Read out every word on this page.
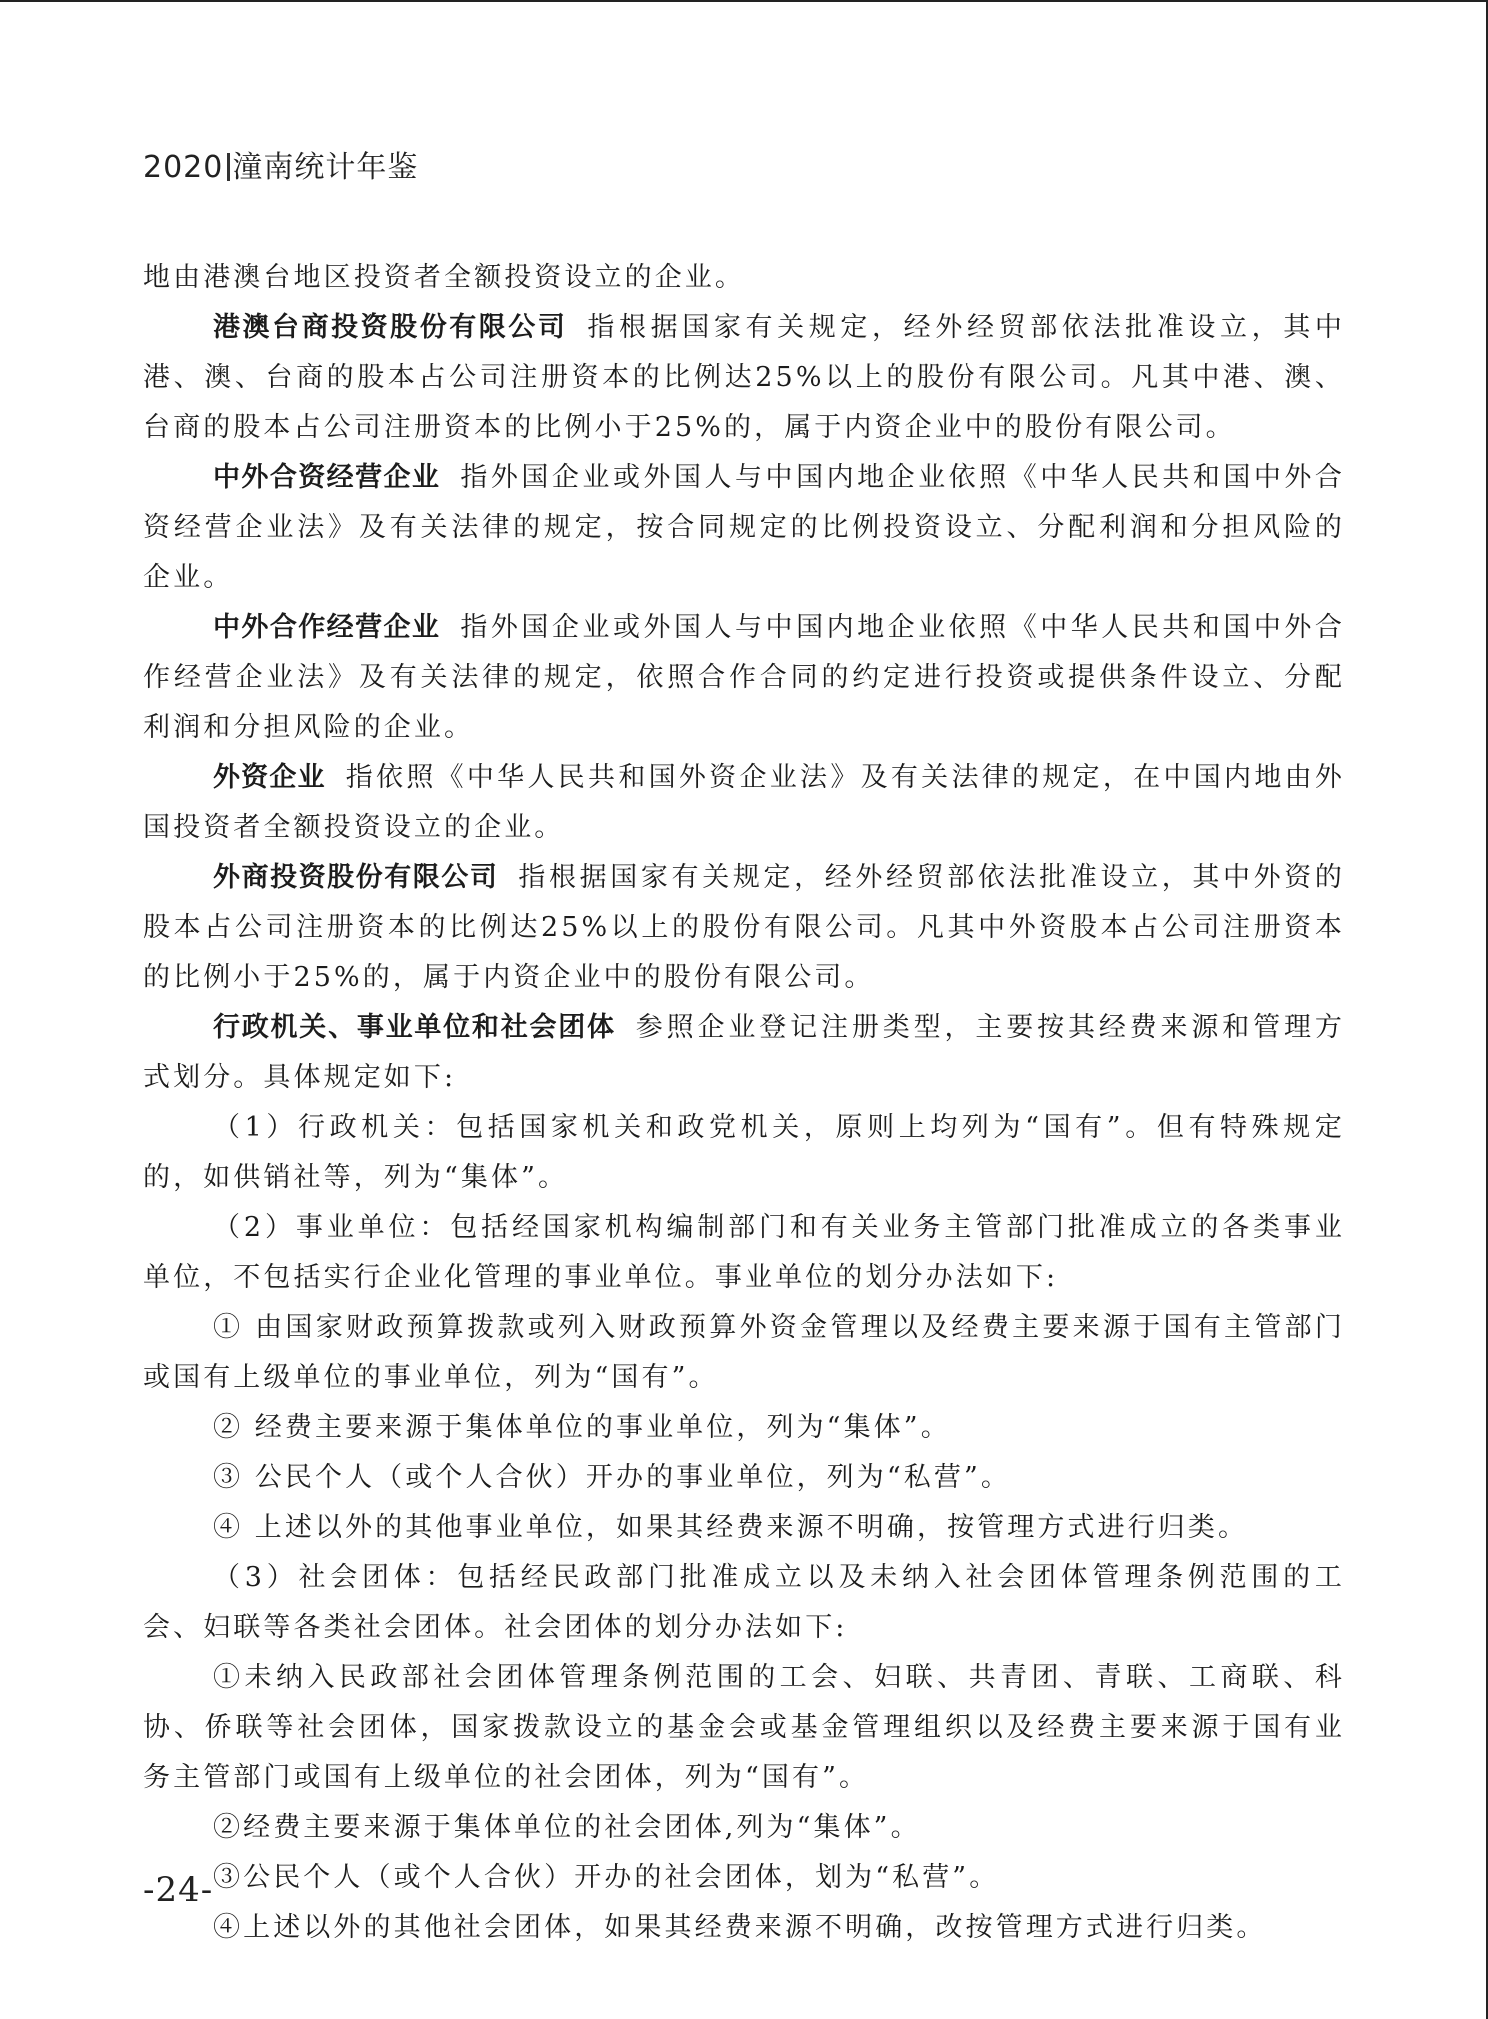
2020 潼南统计年鉴

地由港澳台地区投资者全额投资设立的企业。

港澳台商投资股份有限公司 指根据国家有关规定，经外经贸部依法批准设立，其中港、澳、台商的股本占公司注册资本的比例达25%以上的股份有限公司。凡其中港、澳、台商的股本占公司注册资本的比例小于25%的，属于内资企业中的股份有限公司。

中外合资经营企业 指外国企业或外国人与中国内地企业依照《中华人民共和国中外合资经营企业法》及有关法律的规定，按合同规定的比例投资设立、分配利润和分担风险的企业。

中外合作经营企业 指外国企业或外国人与中国内地企业依照《中华人民共和国中外合作经营企业法》及有关法律的规定，依照合作合同的约定进行投资或提供条件设立、分配利润和分担风险的企业。

外资企业 指依照《中华人民共和国外资企业法》及有关法律的规定，在中国内地由外国投资者全额投资设立的企业。

外商投资股份有限公司 指根据国家有关规定，经外经贸部依法批准设立，其中外资的股本占公司注册资本的比例达25%以上的股份有限公司。凡其中外资股本占公司注册资本的比例小于25%的，属于内资企业中的股份有限公司。

行政机关、事业单位和社会团体 参照企业登记注册类型，主要按其经费来源和管理方式划分。具体规定如下:

（1）行政机关：包括国家机关和政党机关，原则上均列为“国有”。但有特殊规定的，如供销社等，列为“集体”。

（2）事业单位：包括经国家机构编制部门和有关业务主管部门批准成立的各类事业单位，不包括实行企业化管理的事业单位。事业单位的划分办法如下:

① 由国家财政预算拨款或列入财政预算外资金管理以及经费主要来源于国有主管部门或国有上级单位的事业单位，列为“国有”。

② 经费主要来源于集体单位的事业单位，列为“集体”。

③ 公民个人（或个人合伙）开办的事业单位，列为“私营”。

④ 上述以外的其他事业单位，如果其经费来源不明确，按管理方式进行归类。

（3）社会团体：包括经民政部门批准成立以及未纳入社会团体管理条例范围的工会、妇联等各类社会团体。社会团体的划分办法如下:

①未纳入民政部社会团体管理条例范围的工会、妇联、共青团、青联、工商联、科协、侨联等社会团体，国家拨款设立的基金会或基金管理组织以及经费主要来源于国有业务主管部门或国有上级单位的社会团体，列为“国有”。

②经费主要来源于集体单位的社会团体,列为“集体”。

③公民个人（或个人合伙）开办的社会团体，划为“私营”。

④上述以外的其他社会团体，如果其经费来源不明确，改按管理方式进行归类。

-24-
